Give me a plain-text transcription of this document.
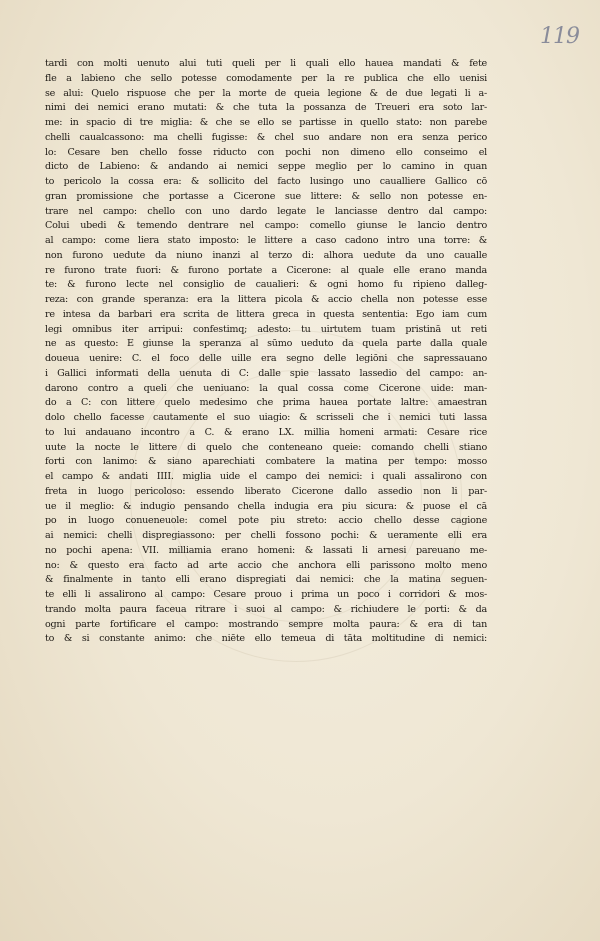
119
tardi con molti uenuto alui tuti queli per li quali ello hauea mandati & fete
fle a labieno che sello potesse comodamente per la re publica che ello uenisi
se alui: Quelo rispuose che per la morte de queia legione & de due legati li a-
nimi dei nemici erano mutati: & che tuta la possanza de Treueri era soto lar-
me: in spacio di tre miglia: & che se ello se partisse in quello stato: non parebe
chelli caualcassono: ma chelli fugisse: & chel suo andare non era senza perico
lo: Cesare ben chello fosse riducto con pochi non dimeno ello conseimo el
dicto de Labieno: & andando ai nemici seppe meglio per lo camino in quan
to pericolo la cossa era: & sollicito del facto lusingo uno caualliere Gallico cō
gran promissione che portasse a Cicerone sue littere: & sello non potesse en-
trare nel campo: chello con uno dardo legate le lanciasse dentro dal campo:
Colui ubedi & temendo dentrare nel campo: comello giunse le lancio dentro
al campo: come liera stato imposto: le littere a caso cadono intro una torre: &
non furono uedute da niuno inanzi al terzo di: alhora uedute da uno caualle
re furono trate fuori: & furono portate a Cicerone: al quale elle erano manda
te: & furono lecte nel consiglio de caualieri: & ogni homo fu ripieno dalleg-
reza: con grande speranza: era la littera picola & accio chella non potesse esse
re intesa da barbari era scrita de littera greca in questa sententia: Ego iam cum
legi omnibus iter arripui: confestimq; adesto: tu uirtutem tuam pristinā ut reti
ne as questo: E giunse la speranza al sūmo ueduto da quela parte dalla quale
doueua uenire: C. el foco delle uille era segno delle legiōni che sapressauano
i Gallici informati della uenuta di C: dalle spie lassato lassedio del campo: an-
darono contro a queli che ueniuano: la qual cossa come Cicerone uide: man-
do a C: con littere quelo medesimo che prima hauea portate laltre: amaestran
dolo chello facesse cautamente el suo uiagio: & scrisseli che i nemici tuti lassa
to lui andauano incontro a C. & erano LX. millia homeni armati: Cesare rice
uute la nocte le littere di quelo che conteneano queie: comando chelli stiano
forti con lanimo: & siano aparechiati combatere la matina per tempo: mosso
el campo & andati IIII. miglia uide el campo dei nemici: i quali assalirono con
freta in luogo pericoloso: essendo liberato Cicerone dallo assedio non li par-
ue il meglio: & indugio pensando chella indugia era piu sicura: & puose el cā
po in luogo conueneuole: comel pote piu streto: accio chello desse cagione
ai nemici: chelli dispregiassono: per chelli fossono pochi: & ueramente elli era
no pochi apena: VII. milliamia erano homeni: & lassati li arnesi pareuano me-
no: & questo era facto ad arte accio che anchora elli parissono molto meno
& finalmente in tanto elli erano dispregiati dai nemici: che la matina seguen-
te elli li assalirono al campo: Cesare prouo i prima un poco i corridori & mos-
trando molta paura faceua ritrare i suoi al campo: & richiudere le porti: & da
ogni parte fortificare el campo: mostrando sempre molta paura: & era di tan
to & si constante animo: che niēte ello temeua di tāta moltitudine di nemici:
